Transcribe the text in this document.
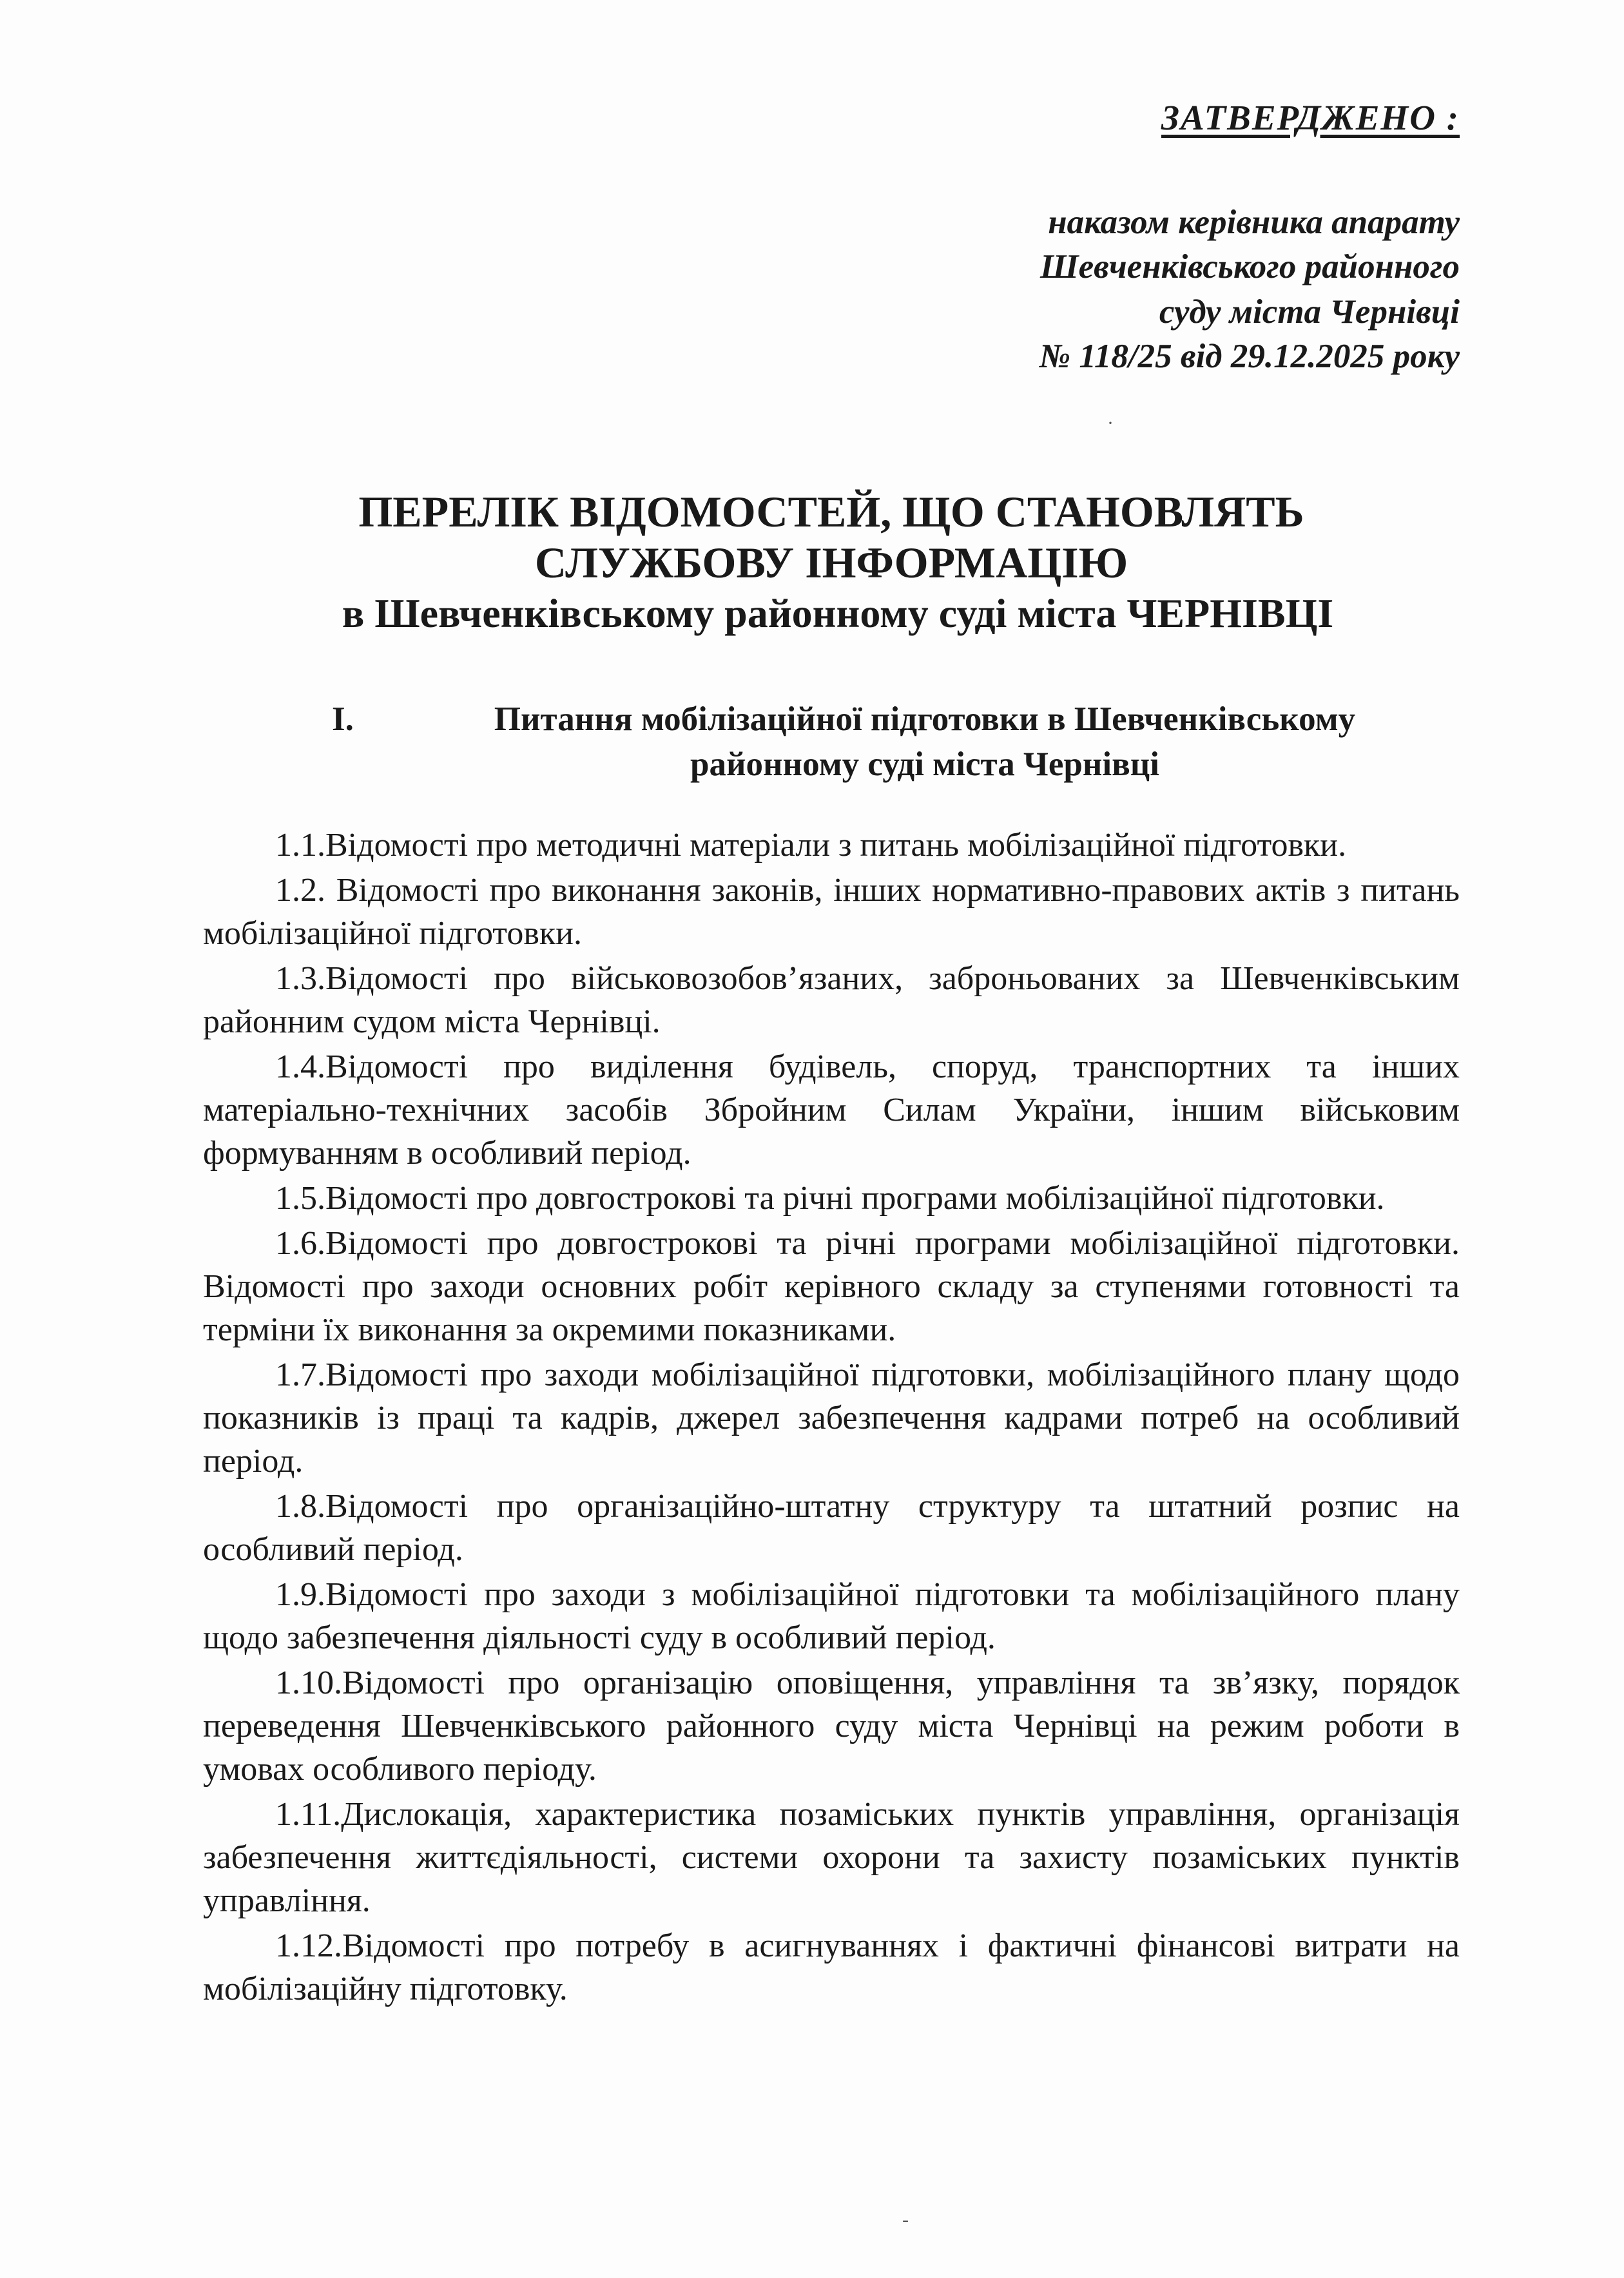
ЗАТВЕРДЖЕНО :

наказом керівника апарату

Шевченківського районного

суду міста Чернівці

№ 118/25 від 29.12.2025 року

ПЕРЕЛІК ВІДОМОСТЕЙ, ЩО СТАНОВЛЯТЬ

СЛУЖБОВУ ІНФОРМАЦІЮ

в Шевченківському районному суді міста ЧЕРНІВЦІ

I.	Питання мобілізаційної підготовки в Шевченківському
районному суді міста Чернівці

1.1.Відомості про методичні матеріали з питань мобілізаційної підготовки.

1.2. Відомості про виконання законів, інших нормативно-правових актів з питань мобілізаційної підготовки.

1.3.Відомості про військовозобов’язаних, заброньованих за Шевченківським районним судом міста Чернівці.

1.4.Відомості про виділення будівель, споруд, транспортних та інших матеріально-технічних засобів Збройним Силам України, іншим військовим формуванням в особливий період.

1.5.Відомості про довгострокові та річні програми мобілізаційної підготовки.

1.6.Відомості про довгострокові та річні програми мобілізаційної підготовки. Відомості про заходи основних робіт керівного складу за ступенями готовності та терміни їх виконання за окремими показниками.

1.7.Відомості про заходи мобілізаційної підготовки, мобілізаційного плану щодо показників із праці та кадрів, джерел забезпечення кадрами потреб на особливий період.

1.8.Відомості про організаційно-штатну структуру та штатний розпис на особливий період.

1.9.Відомості про заходи з мобілізаційної підготовки та мобілізаційного плану щодо забезпечення діяльності суду в особливий період.

1.10.Відомості про організацію оповіщення, управління та зв’язку, порядок переведення Шевченківського районного суду міста Чернівці на режим роботи в умовах особливого періоду.

1.11.Дислокація, характеристика позаміських пунктів управління, організація забезпечення життєдіяльності, системи охорони та захисту позаміських пунктів управління.

1.12.Відомості про потребу в асигнуваннях і фактичні фінансові витрати на мобілізаційну підготовку.

·
-
